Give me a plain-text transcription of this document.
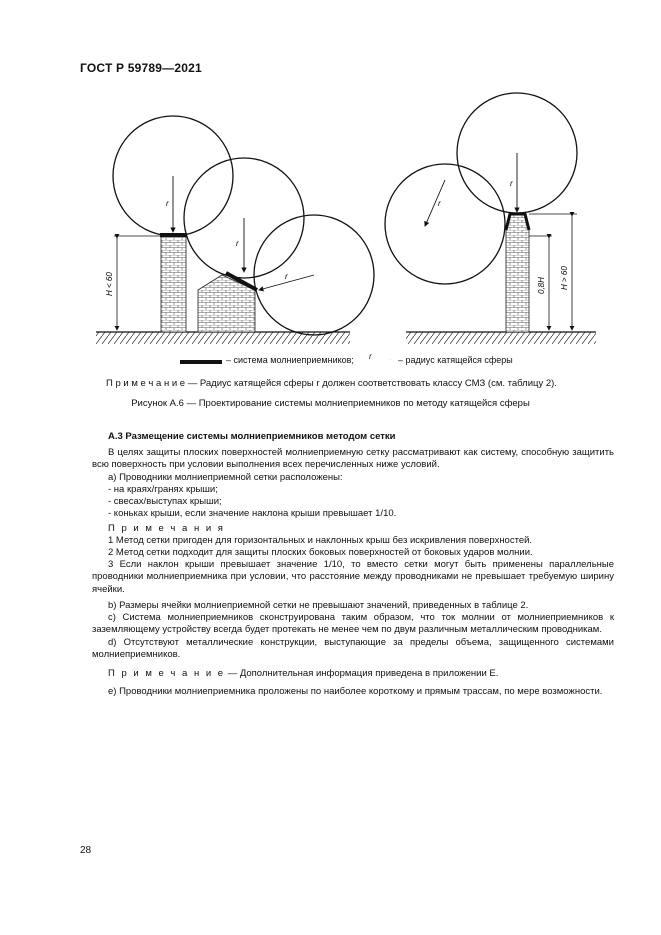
ГОСТ Р 59789—2021
r
r
r
H < 60
r
r
0,8H H > 60
– система молниеприемников; r	– радиус катящейся сферы
П р и м е ч а н и е — Радиус катящейся сферы r должен соответствовать классу СМЗ (см. таблицу 2).
Рисунок А.6 — Проектирование системы молниеприемников по методу катящейся сферы
А.3 Размещение системы молниеприемников методом сетки
В целях защиты плоских поверхностей молниеприемную сетку рассматривают как систему, способную защитить всю поверхность при условии выполнения всех перечисленных ниже условий.
а) Проводники молниеприемной сетки расположены:
- на краях/гранях крыши;
- свесах/выступах крыши;
- коньках крыши, если значение наклона крыши превышает 1/10.
П р и м е ч а н и я
1 Метод сетки пригоден для горизонтальных и наклонных крыш без искривления поверхностей.
2 Метод сетки подходит для защиты плоских боковых поверхностей от боковых ударов молнии.
3 Если наклон крыши превышает значение 1/10, то вместо сетки могут быть применены параллельные проводники молниеприемника при условии, что расстояние между проводниками не превышает требуемую ширину ячейки.
b) Размеры ячейки молниеприемной сетки не превышают значений, приведенных в таблице 2.
с) Система молниеприемников сконструирована таким образом, что ток молнии от молниеприемников к заземляющему устройству всегда будет протекать не менее чем по двум различным металлическим проводникам.
d) Отсутствуют металлические конструкции, выступающие за пределы объема, защищенного системами молниеприемников.
П р и м е ч а н и е — Дополнительная информация приведена в приложении Е.
е) Проводники молниеприемника проложены по наиболее короткому и прямым трассам, по мере возможности.
28
